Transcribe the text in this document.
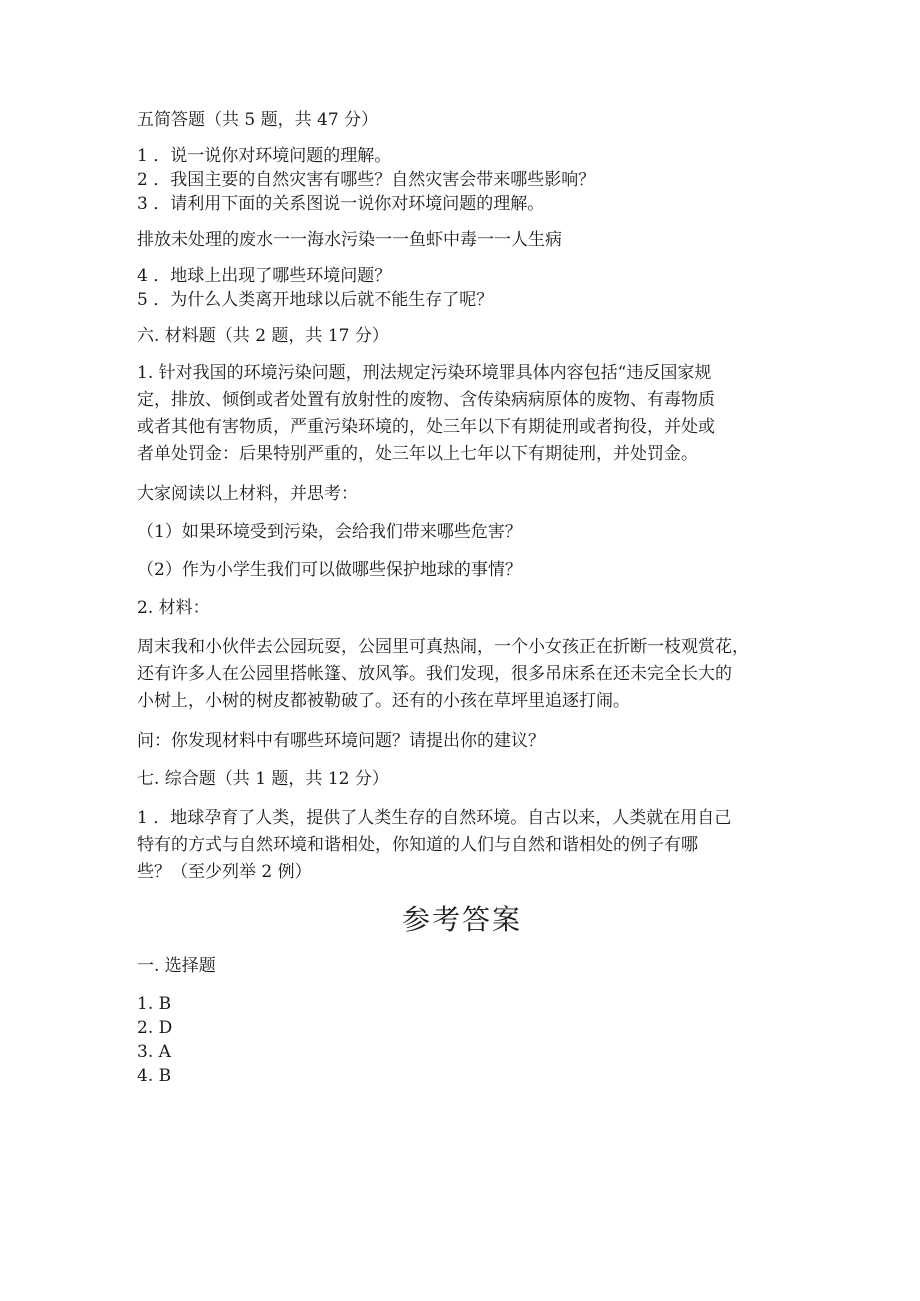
五简答题（共 5 题，共 47 分）

1 ．说一说你对环境问题的理解。

2 ．我国主要的自然灾害有哪些？自然灾害会带来哪些影响？

3 ．请利用下面的关系图说一说你对环境问题的理解。

排放未处理的废水一一海水污染一一鱼虾中毒一一人生病

4 ．地球上出现了哪些环境问题？

5 ．为什么人类离开地球以后就不能生存了呢？

六. 材料题（共 2 题，共 17 分）

1. 针对我国的环境污染问题，刑法规定污染环境罪具体内容包括“违反国家规

定，排放、倾倒或者处置有放射性的废物、含传染病病原体的废物、有毒物质

或者其他有害物质，严重污染环境的，处三年以下有期徒刑或者拘役，并处或

者单处罚金：后果特别严重的，处三年以上七年以下有期徒刑，并处罚金。

大家阅读以上材料，并思考：

（1）如果环境受到污染，会给我们带来哪些危害？

（2）作为小学生我们可以做哪些保护地球的事情？

2. 材料：

周末我和小伙伴去公园玩耍，公园里可真热闹，一个小女孩正在折断一枝观赏花，

还有许多人在公园里搭帐篷、放风筝。我们发现，很多吊床系在还未完全长大的

小树上，小树的树皮都被勒破了。还有的小孩在草坪里追逐打闹。

问：你发现材料中有哪些环境问题？请提出你的建议？

七. 综合题（共 1 题，共 12 分）

1 ．地球孕育了人类，提供了人类生存的自然环境。自古以来，人类就在用自己

特有的方式与自然环境和谐相处，你知道的人们与自然和谐相处的例子有哪

些？（至少列举 2 例）

参考答案

一. 选择题

1. B

2. D

3. A

4. B
